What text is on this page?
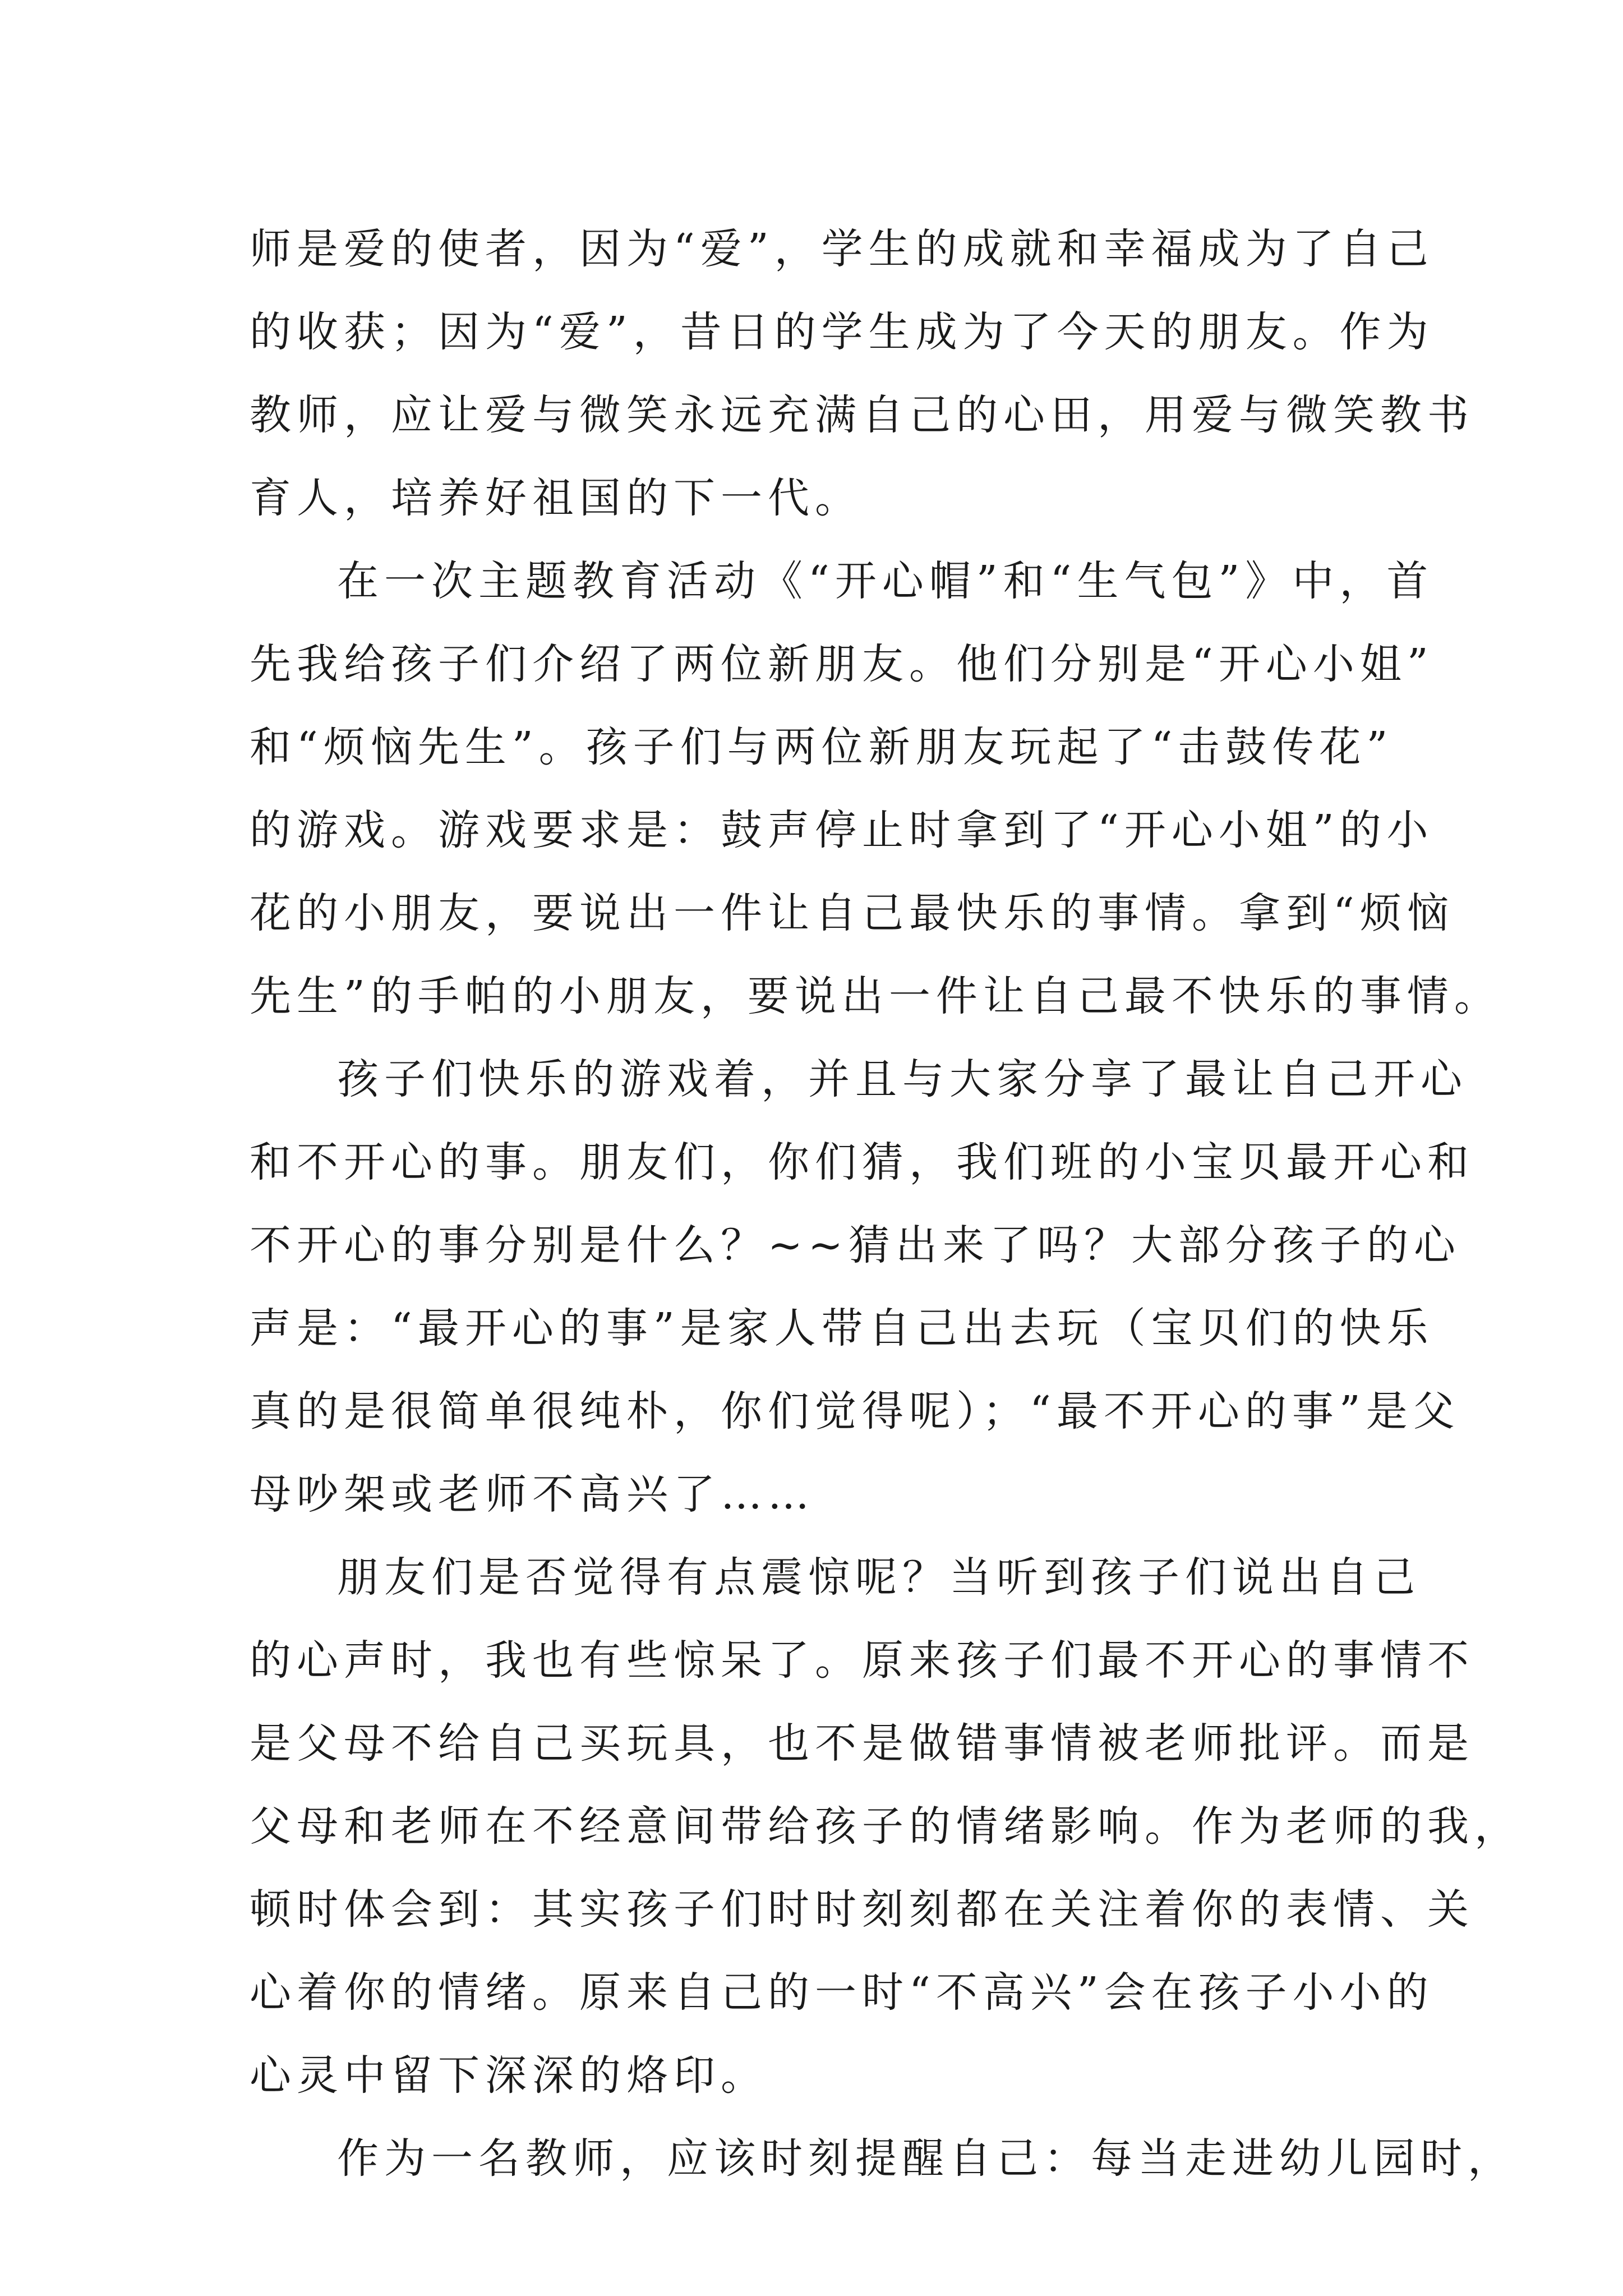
师是爱的使者，因为“爱”，学生的成就和幸福成为了自己
的收获；因为“爱”，昔日的学生成为了今天的朋友。作为
教师，应让爱与微笑永远充满自己的心田，用爱与微笑教书
育人，培养好祖国的下一代。
在一次主题教育活动《“开心帽”和“生气包”》中，首
先我给孩子们介绍了两位新朋友。他们分别是“开心小姐”
和“烦恼先生”。孩子们与两位新朋友玩起了“击鼓传花”
的游戏。游戏要求是：鼓声停止时拿到了“开心小姐”的小
花的小朋友，要说出一件让自己最快乐的事情。拿到“烦恼
先生”的手帕的小朋友，要说出一件让自己最不快乐的事情。
孩子们快乐的游戏着，并且与大家分享了最让自己开心
和不开心的事。朋友们，你们猜，我们班的小宝贝最开心和
不开心的事分别是什么？~~猜出来了吗？大部分孩子的心
声是：“最开心的事”是家人带自己出去玩（宝贝们的快乐
真的是很简单很纯朴，你们觉得呢）；“最不开心的事”是父
母吵架或老师不高兴了……
朋友们是否觉得有点震惊呢？当听到孩子们说出自己
的心声时，我也有些惊呆了。原来孩子们最不开心的事情不
是父母不给自己买玩具，也不是做错事情被老师批评。而是
父母和老师在不经意间带给孩子的情绪影响。作为老师的我，
顿时体会到：其实孩子们时时刻刻都在关注着你的表情、关
心着你的情绪。原来自己的一时“不高兴”会在孩子小小的
心灵中留下深深的烙印。
作为一名教师，应该时刻提醒自己：每当走进幼儿园时，
